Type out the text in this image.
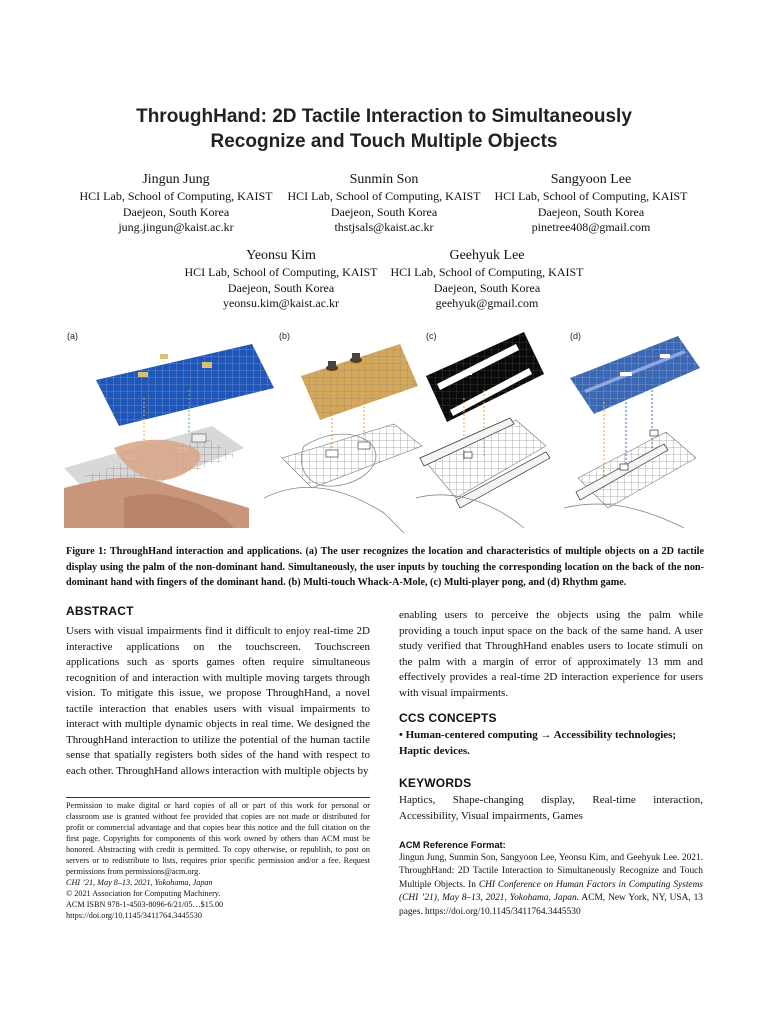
ThroughHand: 2D Tactile Interaction to Simultaneously
Recognize and Touch Multiple Objects
Jingun Jung
HCI Lab, School of Computing, KAIST
Daejeon, South Korea
jung.jingun@kaist.ac.kr
Sunmin Son
HCI Lab, School of Computing, KAIST
Daejeon, South Korea
thstjsals@kaist.ac.kr
Sangyoon Lee
HCI Lab, School of Computing, KAIST
Daejeon, South Korea
pinetree408@gmail.com
Yeonsu Kim
HCI Lab, School of Computing, KAIST
Daejeon, South Korea
yeonsu.kim@kaist.ac.kr
Geehyuk Lee
HCI Lab, School of Computing, KAIST
Daejeon, South Korea
geehyuk@gmail.com
(a)	(b)	(c)	(d)
Figure 1: ThroughHand interaction and applications. (a) The user recognizes the location and characteristics of multiple objects on a 2D tactile display using the palm of the non-dominant hand. Simultaneously, the user inputs by touching the corresponding location on the back of the non-dominant hand with fingers of the dominant hand. (b) Multi-touch Whack-A-Mole, (c) Multi-player pong, and (d) Rhythm game.
ABSTRACT
Users with visual impairments find it difficult to enjoy real-time 2D interactive applications on the touchscreen. Touchscreen applications such as sports games often require simultaneous recognition of and interaction with multiple moving targets through vision. To mitigate this issue, we propose ThroughHand, a novel tactile interaction that enables users with visual impairments to interact with multiple dynamic objects in real time. We designed the ThroughHand interaction to utilize the potential of the human tactile sense that spatially registers both sides of the hand with respect to each other. ThroughHand allows interaction with multiple objects by
Permission to make digital or hard copies of all or part of this work for personal or classroom use is granted without fee provided that copies are not made or distributed for profit or commercial advantage and that copies bear this notice and the full citation on the first page. Copyrights for components of this work owned by others than ACM must be honored. Abstracting with credit is permitted. To copy otherwise, or republish, to post on servers or to redistribute to lists, requires prior specific permission and/or a fee. Request permissions from permissions@acm.org.
CHI ’21, May 8–13, 2021, Yokohama, Japan
© 2021 Association for Computing Machinery.
ACM ISBN 978-1-4503-8096-6/21/05…$15.00
https://doi.org/10.1145/3411764.3445530
enabling users to perceive the objects using the palm while providing a touch input space on the back of the same hand. A user study verified that ThroughHand enables users to locate stimuli on the palm with a margin of error of approximately 13 mm and effectively provides a real-time 2D interaction experience for users with visual impairments.
CCS CONCEPTS
• Human-centered computing → Accessibility technologies;
Haptic devices.
KEYWORDS
Haptics, Shape-changing display, Real-time interaction, Accessibility, Visual impairments, Games
ACM Reference Format:
Jingun Jung, Sunmin Son, Sangyoon Lee, Yeonsu Kim, and Geehyuk Lee. 2021. ThroughHand: 2D Tactile Interaction to Simultaneously Recognize and Touch Multiple Objects. In CHI Conference on Human Factors in Computing Systems (CHI ’21), May 8–13, 2021, Yokohama, Japan. ACM, New York, NY, USA, 13 pages. https://doi.org/10.1145/3411764.3445530
